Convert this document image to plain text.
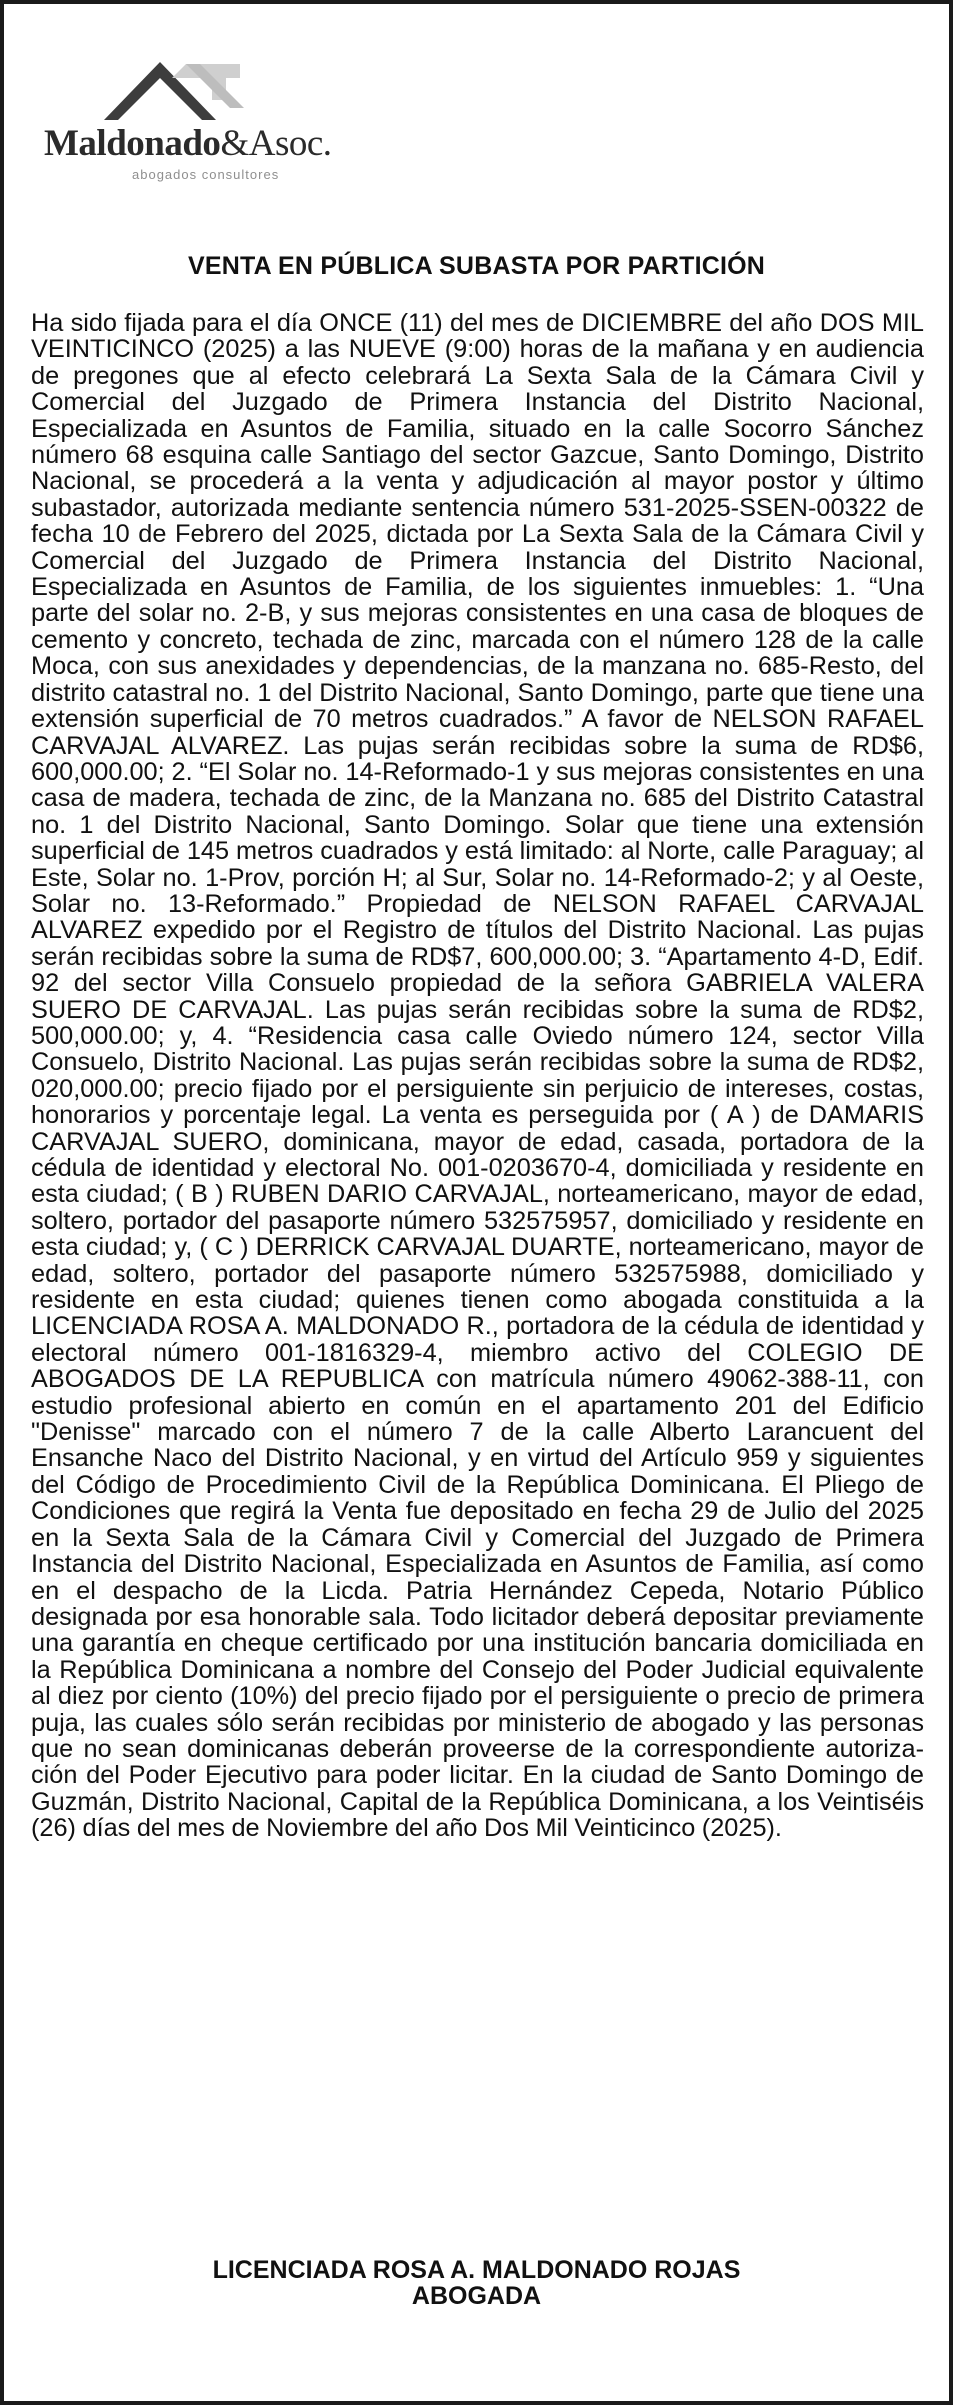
Maldonado&Asoc.
abogados consultores
VENTA EN PÚBLICA SUBASTA POR PARTICIÓN
Ha sido fijada para el día ONCE (11) del mes de DICIEMBRE del año DOS MIL VEINTICINCO (2025) a las NUEVE (9:00) horas de la mañana y en audiencia de pregones que al efecto celebrará La Sexta Sala de la Cámara Civil y Comercial del Juzgado de Primera Instancia del Distrito Nacional, Especializada en Asuntos de Familia, situado en la calle Socorro Sánchez número 68 esquina calle Santiago del sector Gazcue, Santo Domingo, Distrito Nacional, se procederá a la venta y adjudicación al mayor postor y último subastador, autorizada mediante sentencia número 531-2025-SSEN-00322 de fecha 10 de Febrero del 2025, dictada por La Sexta Sala de la Cámara Civil y Comercial del Juzgado de Primera Instancia del Distrito Nacional, Especializada en Asuntos de Familia, de los siguientes inmuebles: 1. “Una parte del solar no. 2-B, y sus mejoras consistentes en una casa de bloques de cemento y concreto, techada de zinc, marcada con el número 128 de la calle Moca, con sus anexidades y dependencias, de la manzana no. 685-Resto, del distrito catastral no. 1 del Distrito Nacional, Santo Domingo, parte que tiene una extensión superficial de 70 metros cuadrados.” A favor de NELSON RAFAEL CARVAJAL ALVAREZ. Las pujas serán recibidas sobre la suma de RD$6, 600,000.00; 2. “El Solar no. 14-Reformado-1 y sus mejoras consistentes en una casa de madera, techada de zinc, de la Manzana no. 685 del Distrito Catastral no. 1 del Distrito Nacional, Santo Domingo. Solar que tiene una extensión superficial de 145 metros cuadrados y está limitado: al Norte, calle Paraguay; al Este, Solar no. 1-Prov, porción H; al Sur, Solar no. 14-Reformado-2; y al Oeste, Solar no. 13-Reformado.” Propiedad de NELSON RAFAEL CARVAJAL ALVAREZ expedido por el Registro de títulos del Distrito Nacional. Las pujas serán recibidas sobre la suma de RD$7, 600,000.00; 3. “Apartamento 4-D, Edif. 92 del sector Villa Consuelo propiedad de la señora GABRIELA VALERA SUERO DE CARVAJAL. Las pujas serán recibidas sobre la suma de RD$2, 500,000.00; y, 4. “Residencia casa calle Oviedo número 124, sector Villa Consuelo, Distrito Nacional. Las pujas serán recibidas sobre la suma de RD$2, 020,000.00; precio fijado por el persiguiente sin perjuicio de intereses, costas, honorarios y porcentaje legal. La venta es perseguida por ( A ) de DAMARIS CARVAJAL SUERO, dominicana, mayor de edad, casada, portadora de la cédula de identidad y electoral No. 001-0203670-4, domiciliada y residente en esta ciudad; ( B ) RUBEN DARIO CARVAJAL, norteamericano, mayor de edad, soltero, portador del pasaporte número 532575957, domiciliado y residente en esta ciudad; y, ( C ) DERRICK CARVAJAL DUARTE, norteamericano, mayor de edad, soltero, portador del pasaporte número 532575988, domiciliado y residente en esta ciudad; quienes tienen como abogada constituida a la LICENCIADA ROSA A. MALDONADO R., portadora de la cédula de identidad y electoral número 001-1816329-4, miembro activo del COLEGIO DE ABOGADOS DE LA REPUBLICA con matrícula número 49062-388-11, con estudio profesional abierto en común en el apartamento 201 del Edificio "Denisse" marcado con el número 7 de la calle Alberto Larancuent del Ensanche Naco del Distrito Nacional, y en virtud del Artículo 959 y siguientes del Código de Procedimiento Civil de la República Dominicana. El Pliego de Condiciones que regirá la Venta fue depositado en fecha 29 de Julio del 2025 en la Sexta Sala de la Cámara Civil y Comercial del Juzgado de Primera Instancia del Distrito Nacional, Especializada en Asuntos de Familia, así como en el despacho de la Licda. Patria Hernández Cepeda, Notario Público designada por esa honorable sala. Todo licitador deberá depositar previamente una garantía en cheque certificado por una institución bancaria domiciliada en la República Dominicana a nombre del Consejo del Poder Judicial equivalente al diez por ciento (10%) del precio fijado por el persiguiente o precio de primera puja, las cuales sólo serán recibidas por ministerio de abogado y las personas que no sean dominicanas deberán proveerse de la correspondiente autorización del Poder Ejecutivo para poder licitar. En la ciudad de Santo Domingo de Guzmán, Distrito Nacional, Capital de la República Dominicana, a los Veintiséis (26) días del mes de Noviembre del año Dos Mil Veinticinco (2025).
LICENCIADA ROSA A. MALDONADO ROJAS
ABOGADA
